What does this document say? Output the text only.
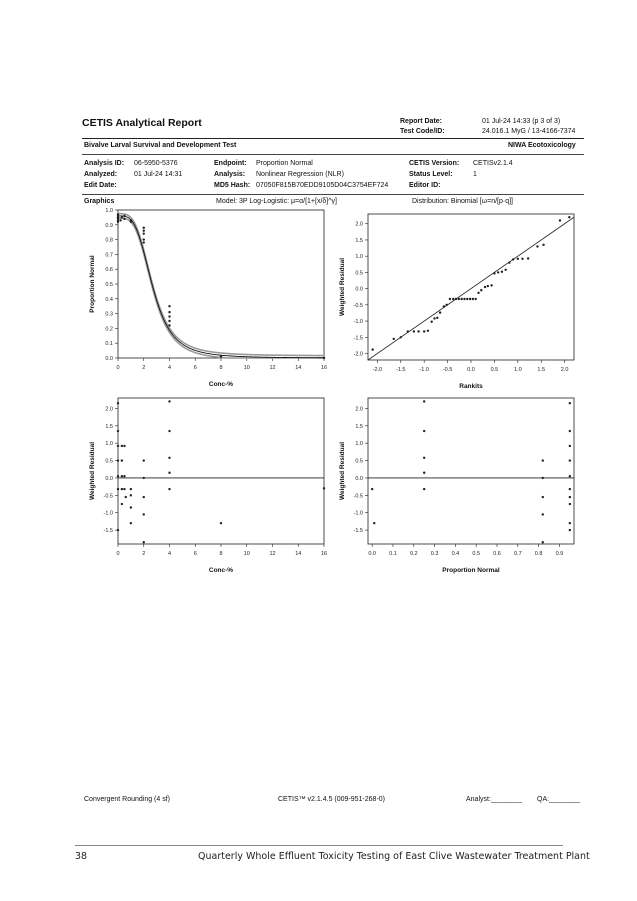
CETIS Analytical Report	Report Date:	01 Jul-24 14:33 (p 3 of 3)
Test Code/ID:	24.016.1 MyG / 13-4166-7374
Bivalve Larval Survival and Development Test	NIWA Ecotoxicology
Analysis ID: 06-5950-5376
Analyzed: 01 Jul-24 14:31
Edit Date:
Endpoint: Proportion Normal
Analysis: Nonlinear Regression (NLR)
MD5 Hash: 07050F815B70EDD9105D04C3754EF724
CETIS Version: CETISv2.1.4
Status Level:	1
Editor ID:
Graphics	Model: 3P Log-Logistic: μ=α/[1+[x/δ]^γ]	Distribution: Binomial [ω=n/[p·q]]
0.0
0.1
0.2
0.3
0.4
0.5
0.6
0.7
0.8
0.9
1.0
0	2	4	6	8	10	12	14	16
Conc-%
Proportion Normal
-2.0
-1.5
-1.0
-0.5
0.0
0.5
1.0
1.5
2.0
-2.0	-1.5	-1.0	-0.5	0.0	0.5	1.0	1.5	2.0
Rankits
Weighted Residual
-1.5
-1.0
-0.5
0.0
0.5
1.0
1.5
2.0
0	2	4	6	8	10	12	14	16
Conc-%
Weighted Residual
-1.5
-1.0
-0.5
0.0
0.5
1.0
1.5
2.0
0.0 0.1 0.2 0.3 0.4 0.5 0.6 0.7 0.8 0.9
Proportion Normal
Weighted Residual
Convergent Rounding (4 sf)	CETIS™ v2.1.4.5 (009-951-268-0)	Analyst:________ QA:________
38	Quarterly Whole Effluent Toxicity Testing of East Clive Wastewater Treatment Plant
